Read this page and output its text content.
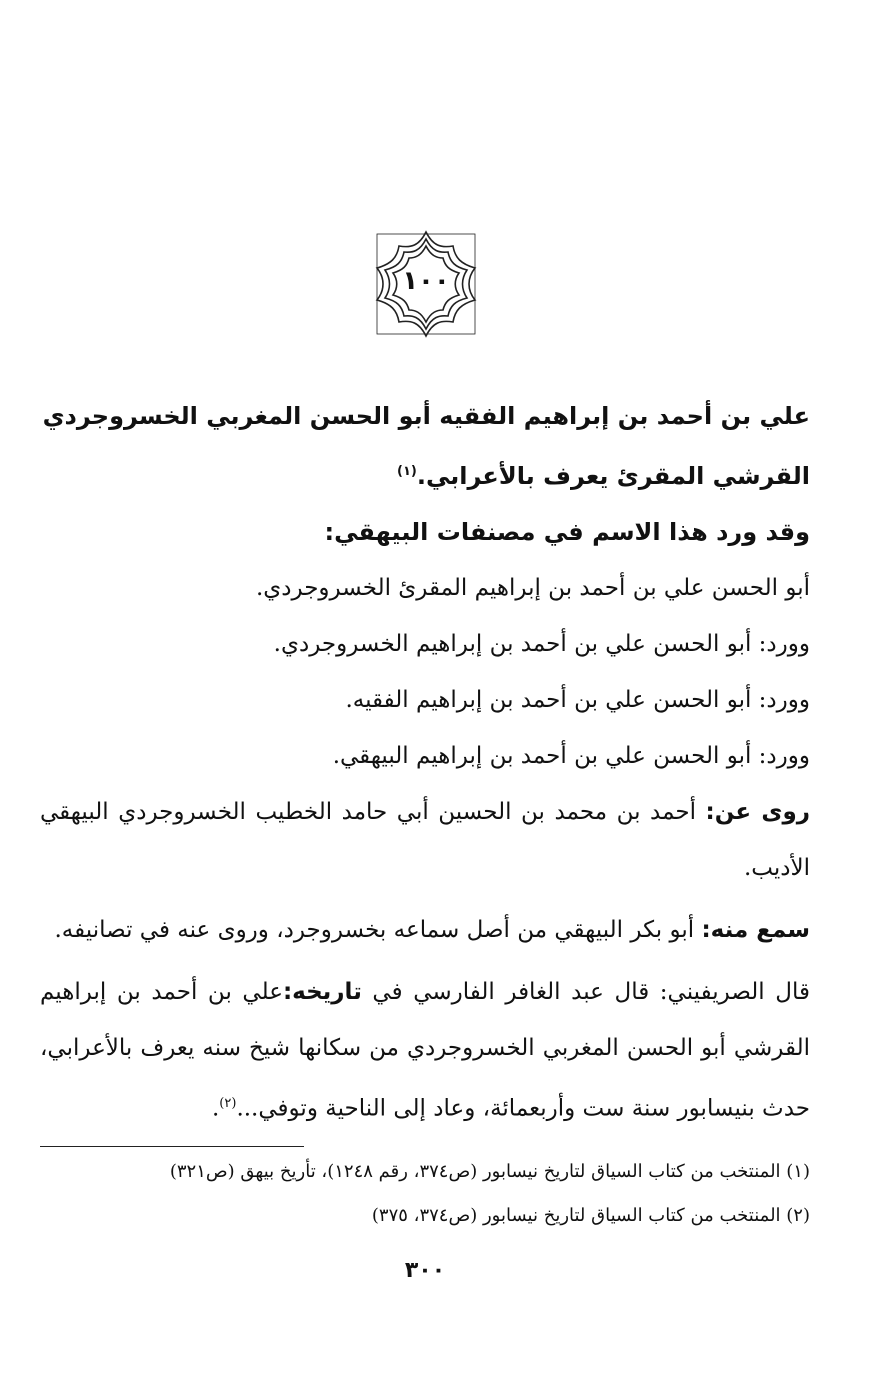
١٠٠

علي بن أحمد بن إبراهيم الفقيه أبو الحسن المغربي الخسروجردي

القرشي المقرئ يعرف بالأعرابي.$^{(١)}$

وقد ورد هذا الاسم في مصنفات البيهقي:

أبو الحسن علي بن أحمد بن إبراهيم المقرئ الخسروجردي.

وورد: أبو الحسن علي بن أحمد بن إبراهيم الخسروجردي.

وورد: أبو الحسن علي بن أحمد بن إبراهيم الفقيه.

وورد: أبو الحسن علي بن أحمد بن إبراهيم البيهقي.

روى عن: أحمد بن محمد بن الحسين أبي حامد الخطيب الخسروجردي البيهقي الأديب.

سمع منه: أبو بكر البيهقي من أصل سماعه بخسروجرد، وروى عنه في تصانيفه.

قال الصريفيني: قال عبد الغافر الفارسي في تاريخه:علي بن أحمد بن إبراهيم القرشي أبو الحسن المغربي الخسروجردي من سكانها شيخ سنه يعرف بالأعرابي، حدث بنيسابور سنة ست وأربعمائة، وعاد إلى الناحية وتوفي...$^{(٢)}$.

(١) المنتخب من كتاب السياق لتاريخ نيسابور (ص٣٧٤، رقم ١٢٤٨)، تأريخ بيهق (ص٣٢١)

(٢) المنتخب من كتاب السياق لتاريخ نيسابور (ص٣٧٤، ٣٧٥)

٣٠٠
